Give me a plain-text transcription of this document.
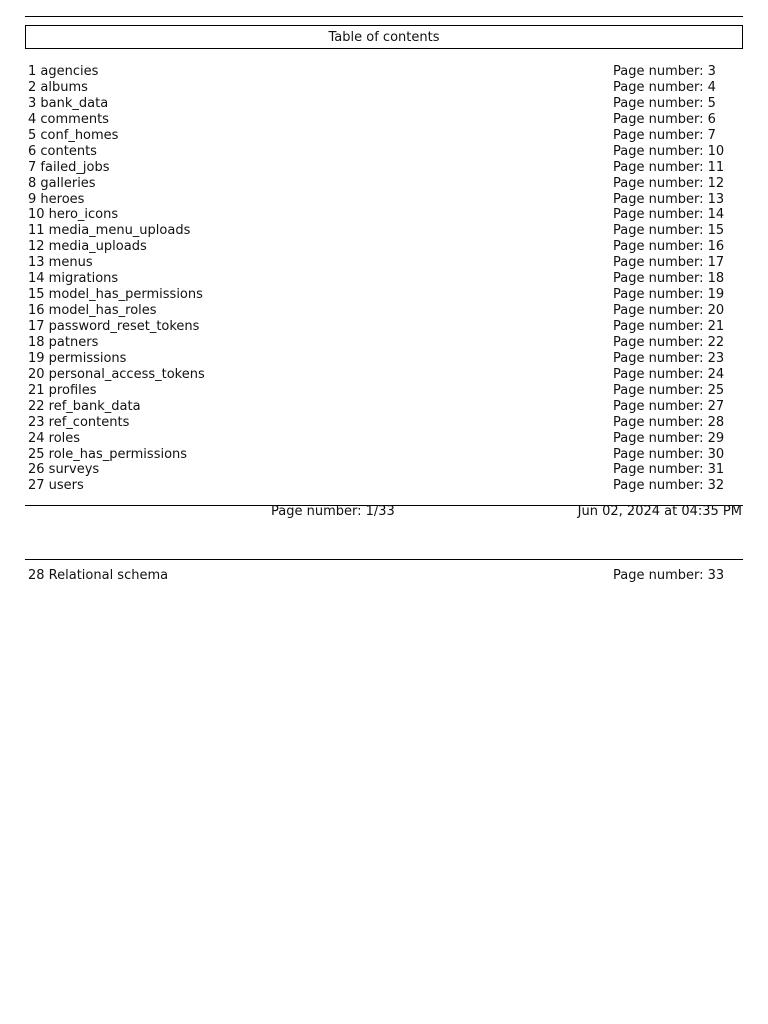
Table of contents
1 agencies	Page number: 3
2 albums	Page number: 4
3 bank_data	Page number: 5
4 comments	Page number: 6
5 conf_homes	Page number: 7
6 contents	Page number: 10
7 failed_jobs	Page number: 11
8 galleries	Page number: 12
9 heroes	Page number: 13
10 hero_icons	Page number: 14
11 media_menu_uploads	Page number: 15
12 media_uploads	Page number: 16
13 menus	Page number: 17
14 migrations	Page number: 18
15 model_has_permissions	Page number: 19
16 model_has_roles	Page number: 20
17 password_reset_tokens	Page number: 21
18 patners	Page number: 22
19 permissions	Page number: 23
20 personal_access_tokens	Page number: 24
21 profiles	Page number: 25
22 ref_bank_data	Page number: 27
23 ref_contents	Page number: 28
24 roles	Page number: 29
25 role_has_permissions	Page number: 30
26 surveys	Page number: 31
27 users	Page number: 32
Page number: 1/33	Jun 02, 2024 at 04:35 PM
28 Relational schema	Page number: 33
